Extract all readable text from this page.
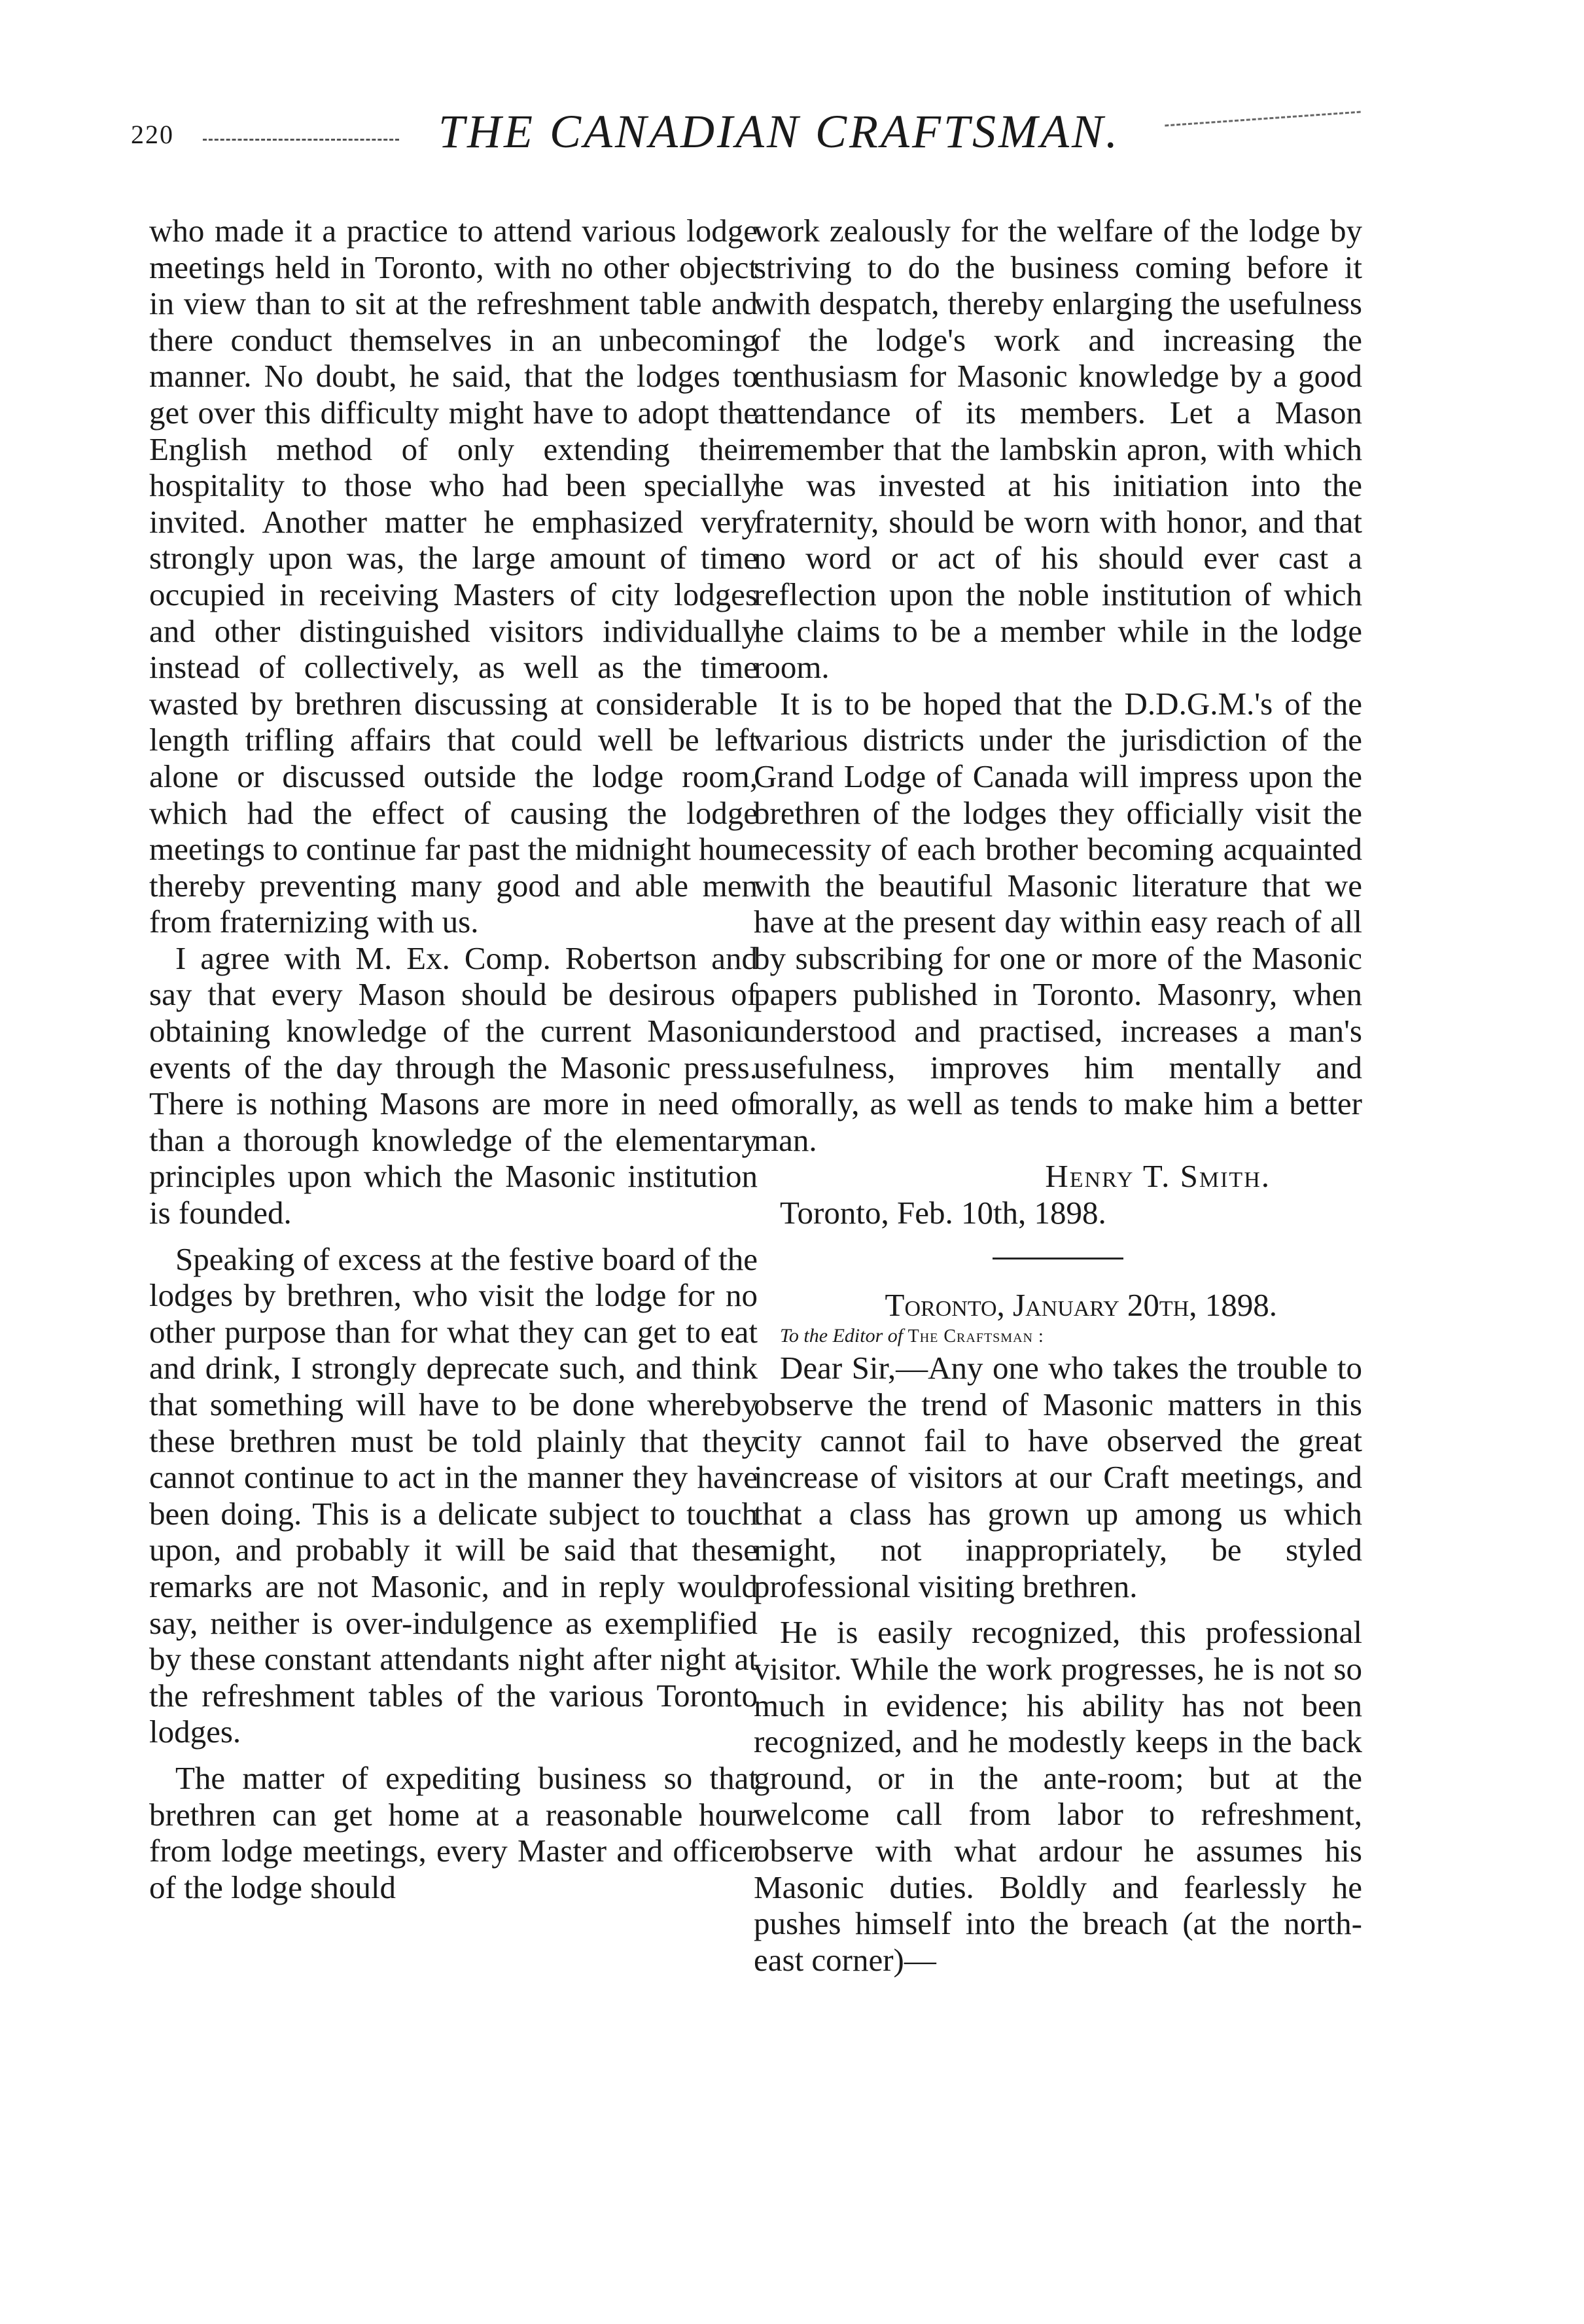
220	THE CANADIAN CRAFTSMAN.

who made it a practice to attend various lodge meetings held in Toronto, with no other object in view than to sit at the refreshment table and there conduct themselves in an unbecoming manner. No doubt, he said, that the lodges to get over this difficulty might have to adopt the English method of only extending their hospitality to those who had been specially invited. Another matter he emphasized very strongly upon was, the large amount of time occupied in receiving Masters of city lodges and other distinguished visitors individually instead of collectively, as well as the time wasted by brethren discussing at considerable length trifling affairs that could well be left alone or discussed outside the lodge room, which had the effect of causing the lodge meetings to continue far past the midnight hour thereby preventing many good and able men from fraternizing with us.

I agree with M. Ex. Comp. Robertson and say that every Mason should be desirous of obtaining knowledge of the current Masonic events of the day through the Masonic press. There is nothing Masons are more in need of than a thorough knowledge of the elementary principles upon which the Masonic institution is founded.

Speaking of excess at the festive board of the lodges by brethren, who visit the lodge for no other purpose than for what they can get to eat and drink, I strongly deprecate such, and think that something will have to be done whereby these brethren must be told plainly that they cannot continue to act in the manner they have been doing. This is a delicate subject to touch upon, and probably it will be said that these remarks are not Masonic, and in reply would say, neither is over-indulgence as exemplified by these constant attendants night after night at the refreshment tables of the various Toronto lodges.

The matter of expediting business so that brethren can get home at a reasonable hour from lodge meetings, every Master and officer of the lodge should

work zealously for the welfare of the lodge by striving to do the business coming before it with despatch, thereby enlarging the usefulness of the lodge's work and increasing the enthusiasm for Masonic knowledge by a good attendance of its members. Let a Mason remember that the lambskin apron, with which he was invested at his initiation into the fraternity, should be worn with honor, and that no word or act of his should ever cast a reflection upon the noble institution of which he claims to be a member while in the lodge room.

It is to be hoped that the D.D.G.M.'s of the various districts under the jurisdiction of the Grand Lodge of Canada will impress upon the brethren of the lodges they officially visit the necessity of each brother becoming acquainted with the beautiful Masonic literature that we have at the present day within easy reach of all by subscribing for one or more of the Masonic papers published in Toronto. Masonry, when understood and practised, increases a man's usefulness, improves him mentally and morally, as well as tends to make him a better man.

Henry T. Smith.

Toronto, Feb. 10th, 1898.

Toronto, January 20th, 1898.

To the Editor of The Craftsman :

Dear Sir,—Any one who takes the trouble to observe the trend of Masonic matters in this city cannot fail to have observed the great increase of visitors at our Craft meetings, and that a class has grown up among us which might, not inappropriately, be styled professional visiting brethren.

He is easily recognized, this professional visitor. While the work progresses, he is not so much in evidence; his ability has not been recognized, and he modestly keeps in the back ground, or in the ante-room; but at the welcome call from labor to refreshment, observe with what ardour he assumes his Masonic duties. Boldly and fearlessly he pushes himself into the breach (at the north-east corner)—
